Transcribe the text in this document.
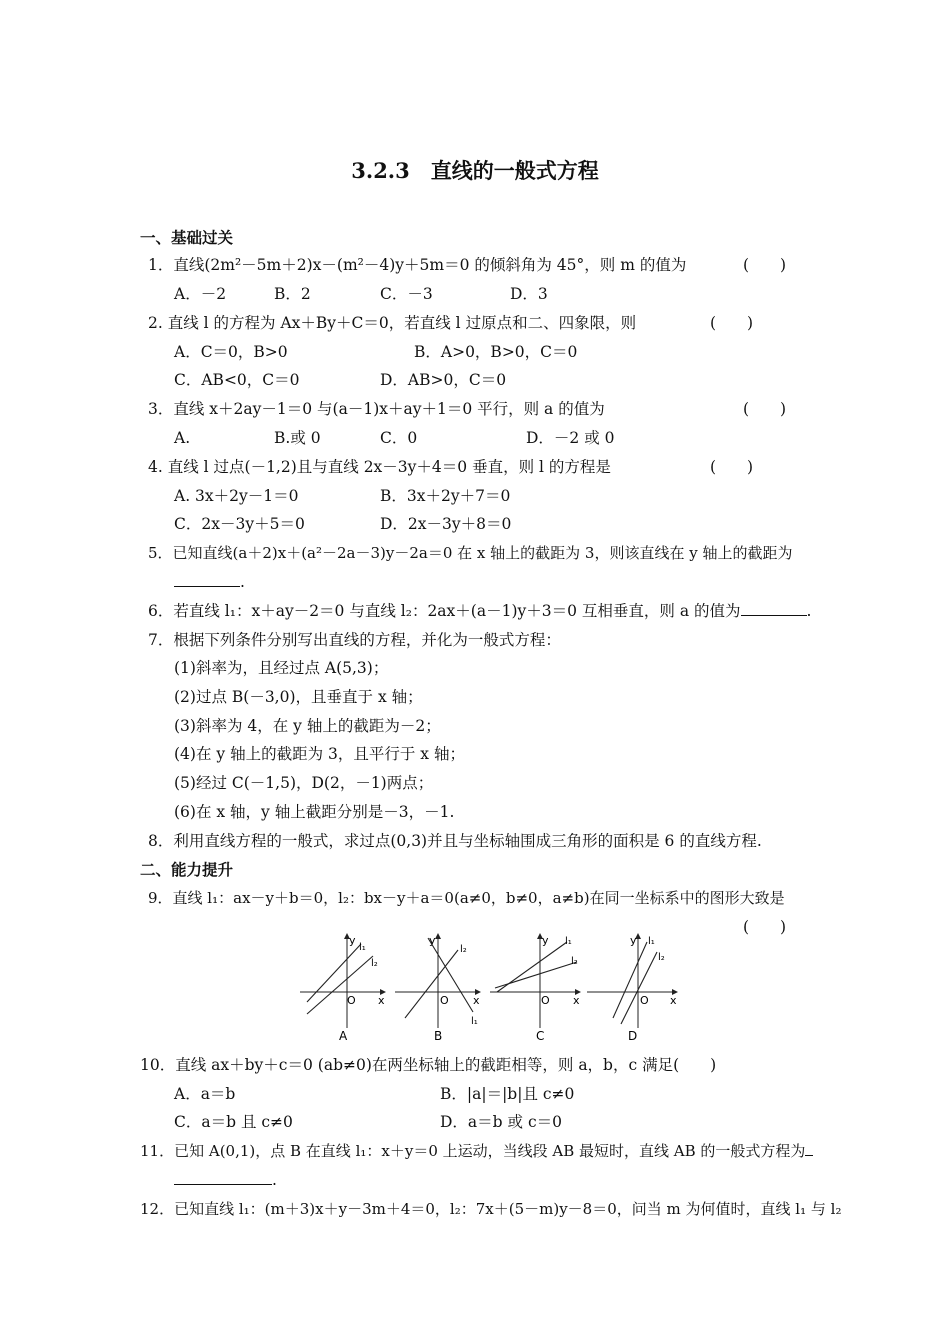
3.2.3　直线的一般式方程
一、基础过关
1．直线(2m²－5m＋2)x－(m²－4)y＋5m＝0 的倾斜角为 45°，则 m 的值为	(　　)
A．－2	B．2	C．－3	D．3
2. 直线 l 的方程为 Ax＋By＋C＝0，若直线 l 过原点和二、四象限，则	(　　)
A．C＝0，B>0	B．A>0，B>0，C＝0
C．AB<0，C＝0	D．AB>0，C＝0
3．直线 x＋2ay－1＝0 与(a－1)x＋ay＋1＝0 平行，则 a 的值为	(　　)
A.	B.或 0	C．0	D．－2 或 0
4. 直线 l 过点(－1,2)且与直线 2x－3y＋4＝0 垂直，则 l 的方程是	(　　)
A. 3x＋2y－1＝0	B．3x＋2y＋7＝0
C．2x－3y＋5＝0	D．2x－3y＋8＝0
5．已知直线(a＋2)x＋(a²－2a－3)y－2a＝0 在 x 轴上的截距为 3，则该直线在 y 轴上的截距为
.
6．若直线 l₁：x＋ay－2＝0 与直线 l₂：2ax＋(a－1)y＋3＝0 互相垂直，则 a 的值为	.
7．根据下列条件分别写出直线的方程，并化为一般式方程：
(1)斜率为，且经过点 A(5,3)；
(2)过点 B(－3,0)，且垂直于 x 轴；
(3)斜率为 4，在 y 轴上的截距为－2；
(4)在 y 轴上的截距为 3，且平行于 x 轴；
(5)经过 C(－1,5)，D(2，－1)两点；
(6)在 x 轴，y 轴上截距分别是－3，－1.
8．利用直线方程的一般式，求过点(0,3)并且与坐标轴围成三角形的面积是 6 的直线方程.
二、能力提升
9．直线 l₁：ax－y＋b＝0，l₂：bx－y＋a＝0(a≠0，b≠0，a≠b)在同一坐标系中的图形大致是
(　　)
y
x
O
l₁
l₂
A
y
x
O
l₂
l₁
B
y
x
O
l₁
l₂
C
y
x
O
l₁
l₂
D
10．直线 ax＋by＋c＝0 (ab≠0)在两坐标轴上的截距相等，则 a，b，c 满足(　　)
A．a＝b	B．|a|＝|b|且 c≠0
C．a＝b 且 c≠0	D．a＝b 或 c＝0
11．已知 A(0,1)，点 B 在直线 l₁：x＋y＝0 上运动，当线段 AB 最短时，直线 AB 的一般式方程为
.
12．已知直线 l₁：(m＋3)x＋y－3m＋4＝0，l₂：7x＋(5－m)y－8＝0，问当 m 为何值时，直线 l₁ 与 l₂
